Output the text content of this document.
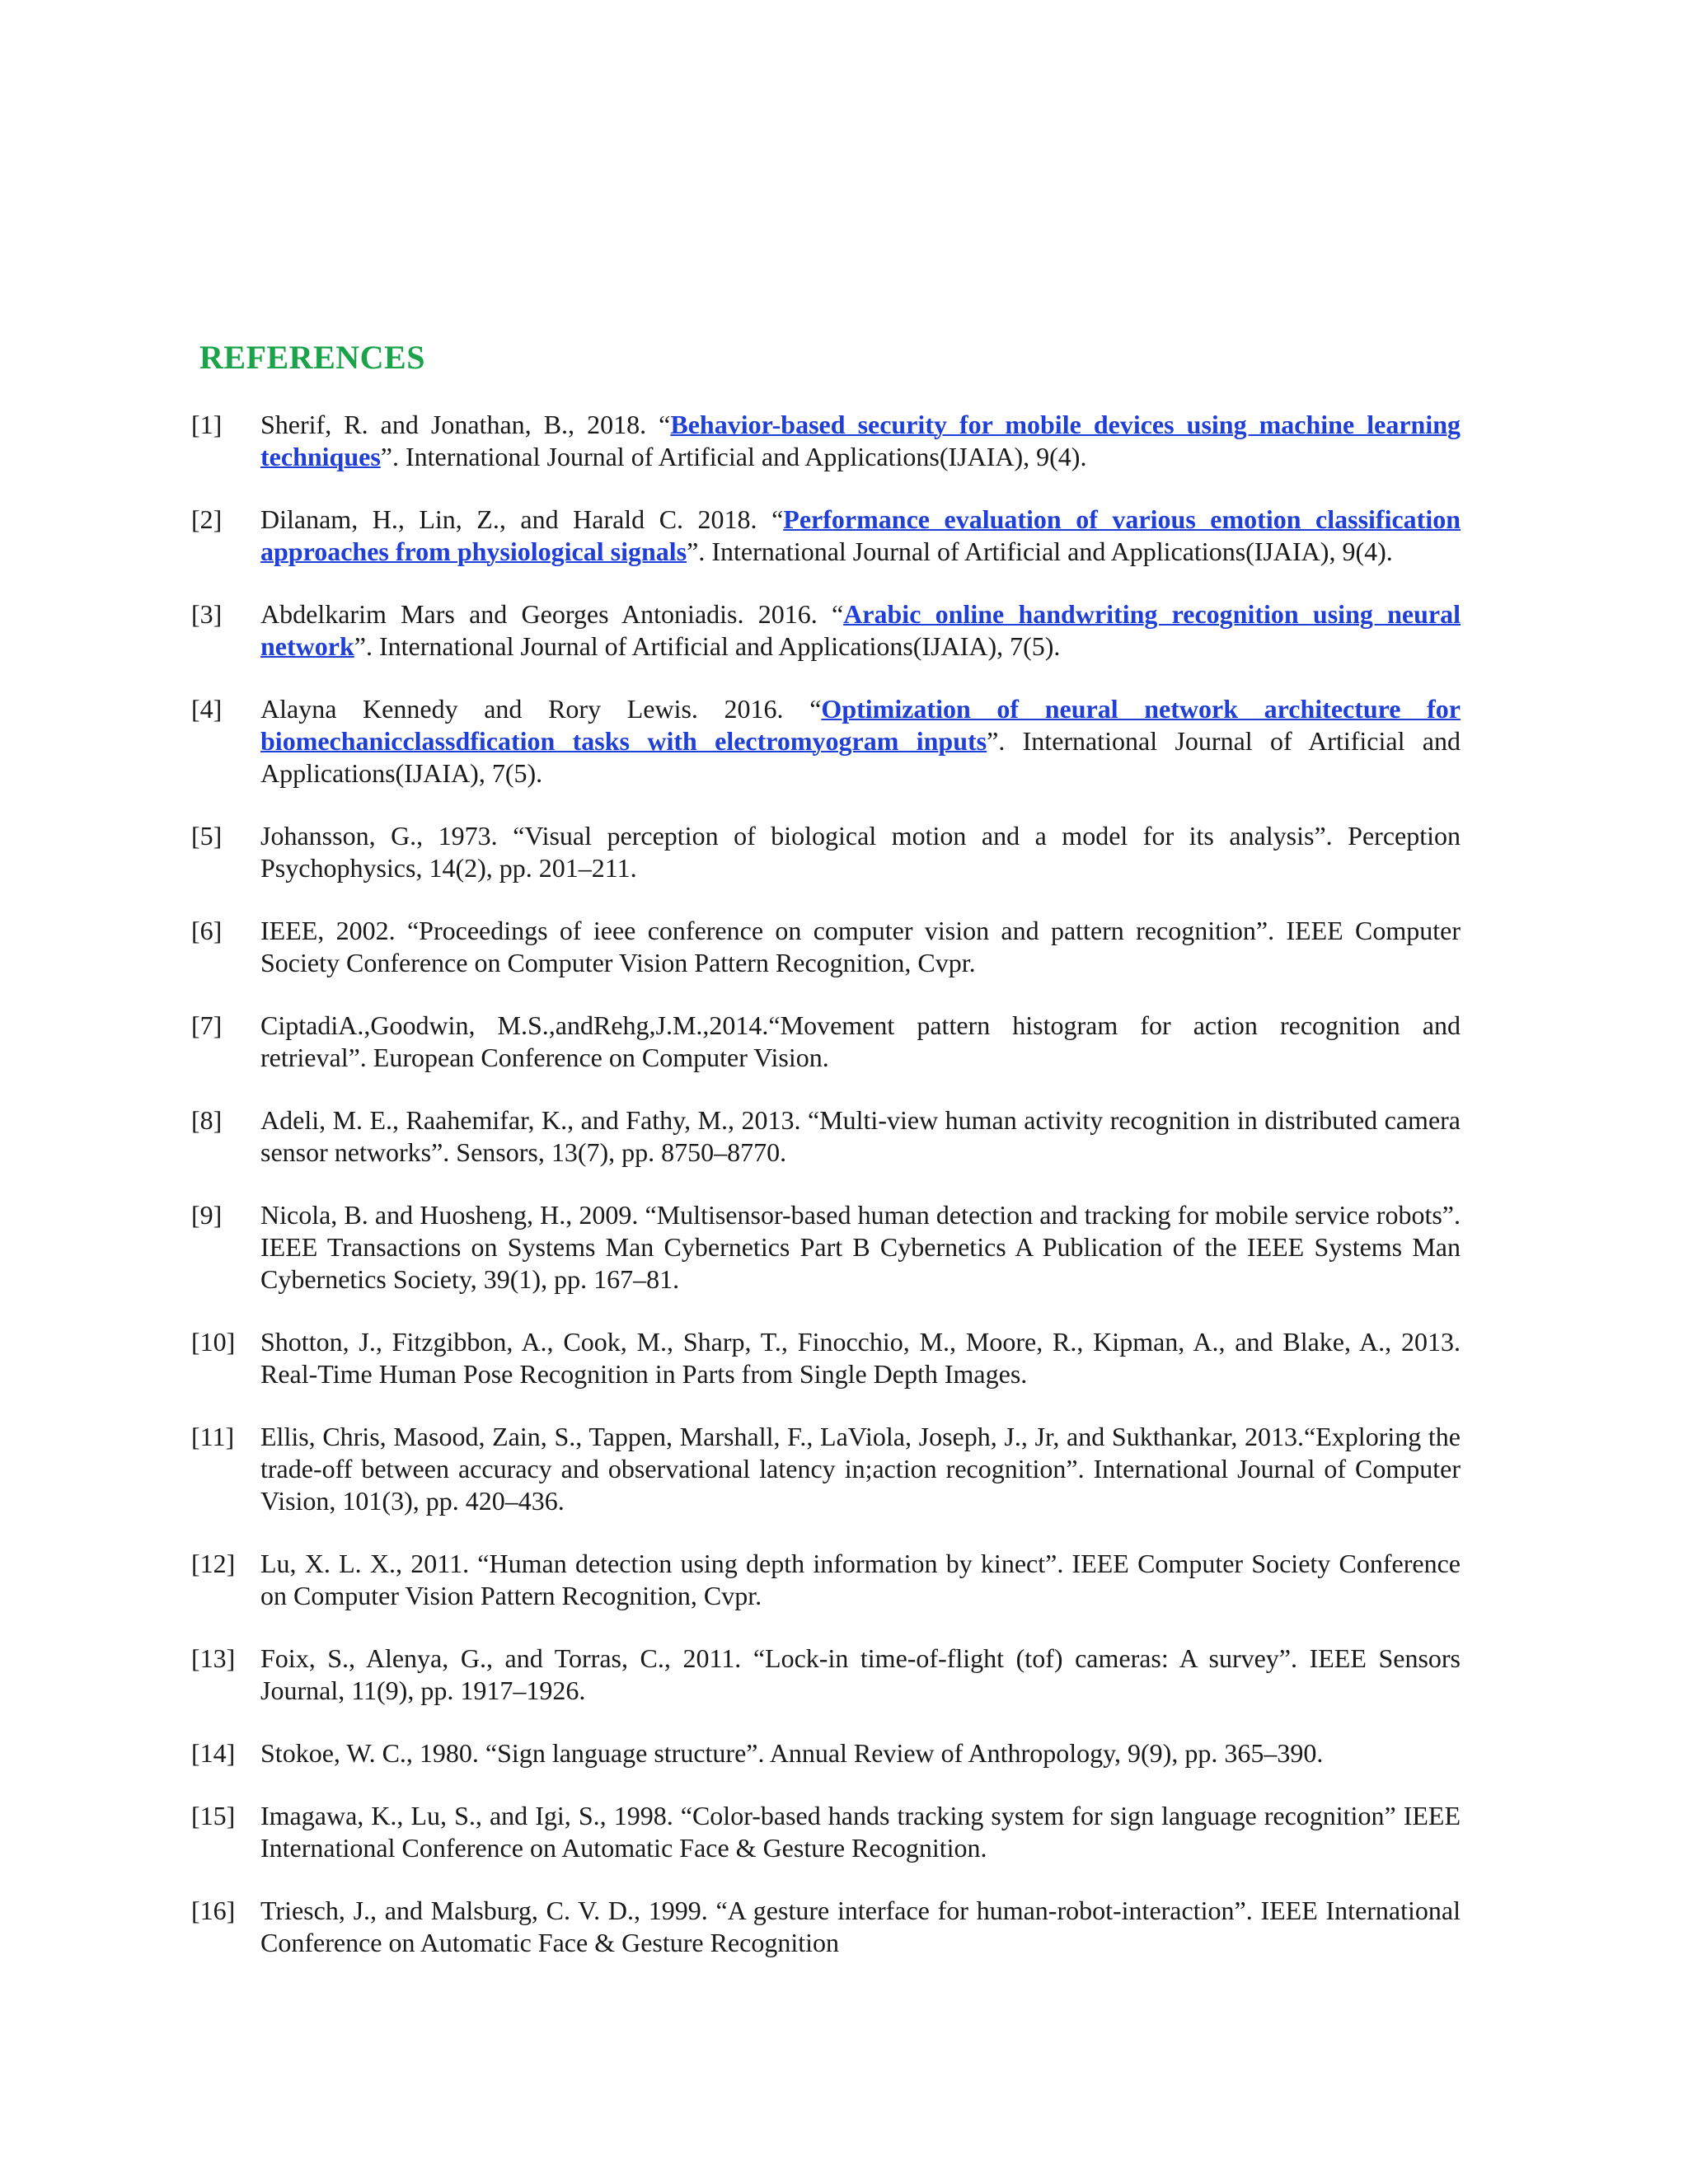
REFERENCES
[1] Sherif, R. and Jonathan, B., 2018. “Behavior-based security for mobile devices using machine learning techniques”. International Journal of Artificial and Applications(IJAIA), 9(4).
[2] Dilanam, H., Lin, Z., and Harald C. 2018. “Performance evaluation of various emotion classification approaches from physiological signals”. International Journal of Artificial and Applications(IJAIA), 9(4).
[3] Abdelkarim Mars and Georges Antoniadis. 2016. “Arabic online handwriting recognition using neural network”. International Journal of Artificial and Applications(IJAIA), 7(5).
[4] Alayna Kennedy and Rory Lewis. 2016. “Optimization of neural network architecture for biomechanicclassdfication tasks with electromyogram inputs”. International Journal of Artificial and Applications(IJAIA), 7(5).
[5] Johansson, G., 1973. “Visual perception of biological motion and a model for its analysis”. Perception Psychophysics, 14(2), pp. 201–211.
[6] IEEE, 2002. “Proceedings of ieee conference on computer vision and pattern recognition”. IEEE Computer Society Conference on Computer Vision Pattern Recognition, Cvpr.
[7] CiptadiA.,Goodwin, M.S.,andRehg,J.M.,2014.“Movement pattern histogram for action recognition and retrieval”. European Conference on Computer Vision.
[8] Adeli, M. E., Raahemifar, K., and Fathy, M., 2013. “Multi-view human activity recognition in distributed camera sensor networks”. Sensors, 13(7), pp. 8750–8770.
[9] Nicola, B. and Huosheng, H., 2009. “Multisensor-based human detection and tracking for mobile service robots”. IEEE Transactions on Systems Man Cybernetics Part B Cybernetics A Publication of the IEEE Systems Man Cybernetics Society, 39(1), pp. 167–81.
[10] Shotton, J., Fitzgibbon, A., Cook, M., Sharp, T., Finocchio, M., Moore, R., Kipman, A., and Blake, A., 2013. Real-Time Human Pose Recognition in Parts from Single Depth Images.
[11] Ellis, Chris, Masood, Zain, S., Tappen, Marshall, F., LaViola, Joseph, J., Jr, and Sukthankar, 2013.“Exploring the trade-off between accuracy and observational latency in;action recognition”. International Journal of Computer Vision, 101(3), pp. 420–436.
[12] Lu, X. L. X., 2011. “Human detection using depth information by kinect”. IEEE Computer Society Conference on Computer Vision Pattern Recognition, Cvpr.
[13] Foix, S., Alenya, G., and Torras, C., 2011. “Lock-in time-of-flight (tof) cameras: A survey”. IEEE Sensors Journal, 11(9), pp. 1917–1926.
[14] Stokoe, W. C., 1980. “Sign language structure”. Annual Review of Anthropology, 9(9), pp. 365–390.
[15] Imagawa, K., Lu, S., and Igi, S., 1998. “Color-based hands tracking system for sign language recognition” IEEE International Conference on Automatic Face & Gesture Recognition.
[16] Triesch, J., and Malsburg, C. V. D., 1999. “A gesture interface for human-robot-interaction”. IEEE International Conference on Automatic Face & Gesture Recognition
